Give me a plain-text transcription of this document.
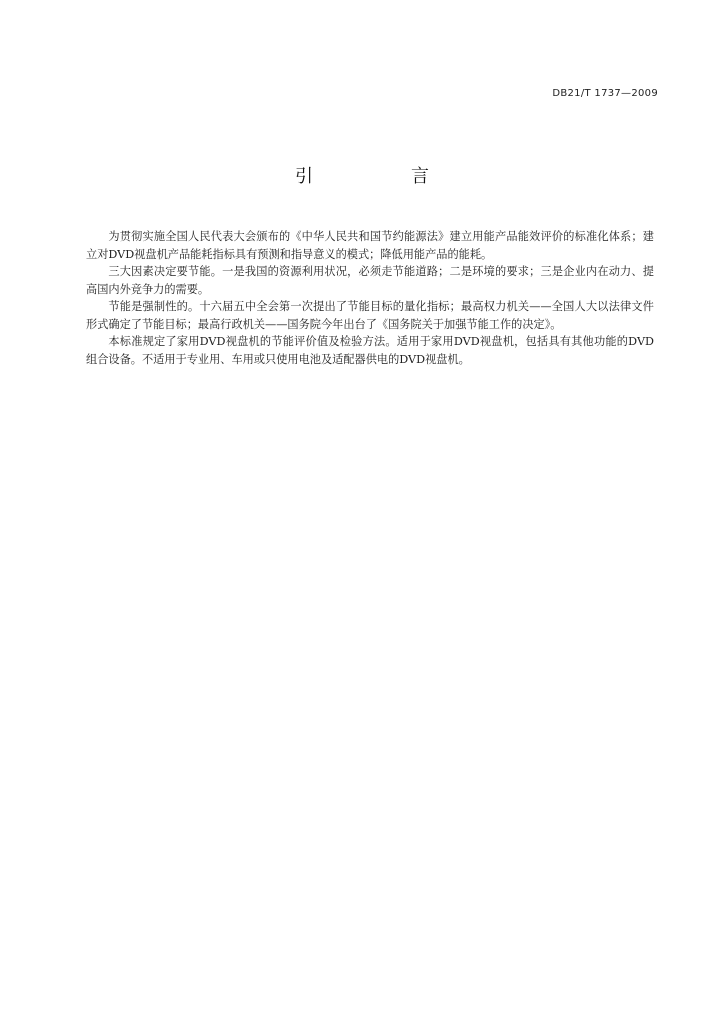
DB21/T 1737—2009
引　言

为贯彻实施全国人民代表大会颁布的《中华人民共和国节约能源法》建立用能产品能效评价的标准化体系；建立对DVD视盘机产品能耗指标具有预测和指导意义的模式；降低用能产品的能耗。

三大因素决定要节能。一是我国的资源利用状况，必须走节能道路；二是环境的要求；三是企业内在动力、提高国内外竞争力的需要。

节能是强制性的。十六届五中全会第一次提出了节能目标的量化指标；最高权力机关——全国人大以法律文件形式确定了节能目标；最高行政机关——国务院今年出台了《国务院关于加强节能工作的决定》。

本标准规定了家用DVD视盘机的节能评价值及检验方法。适用于家用DVD视盘机，包括具有其他功能的DVD组合设备。不适用于专业用、车用或只使用电池及适配器供电的DVD视盘机。
